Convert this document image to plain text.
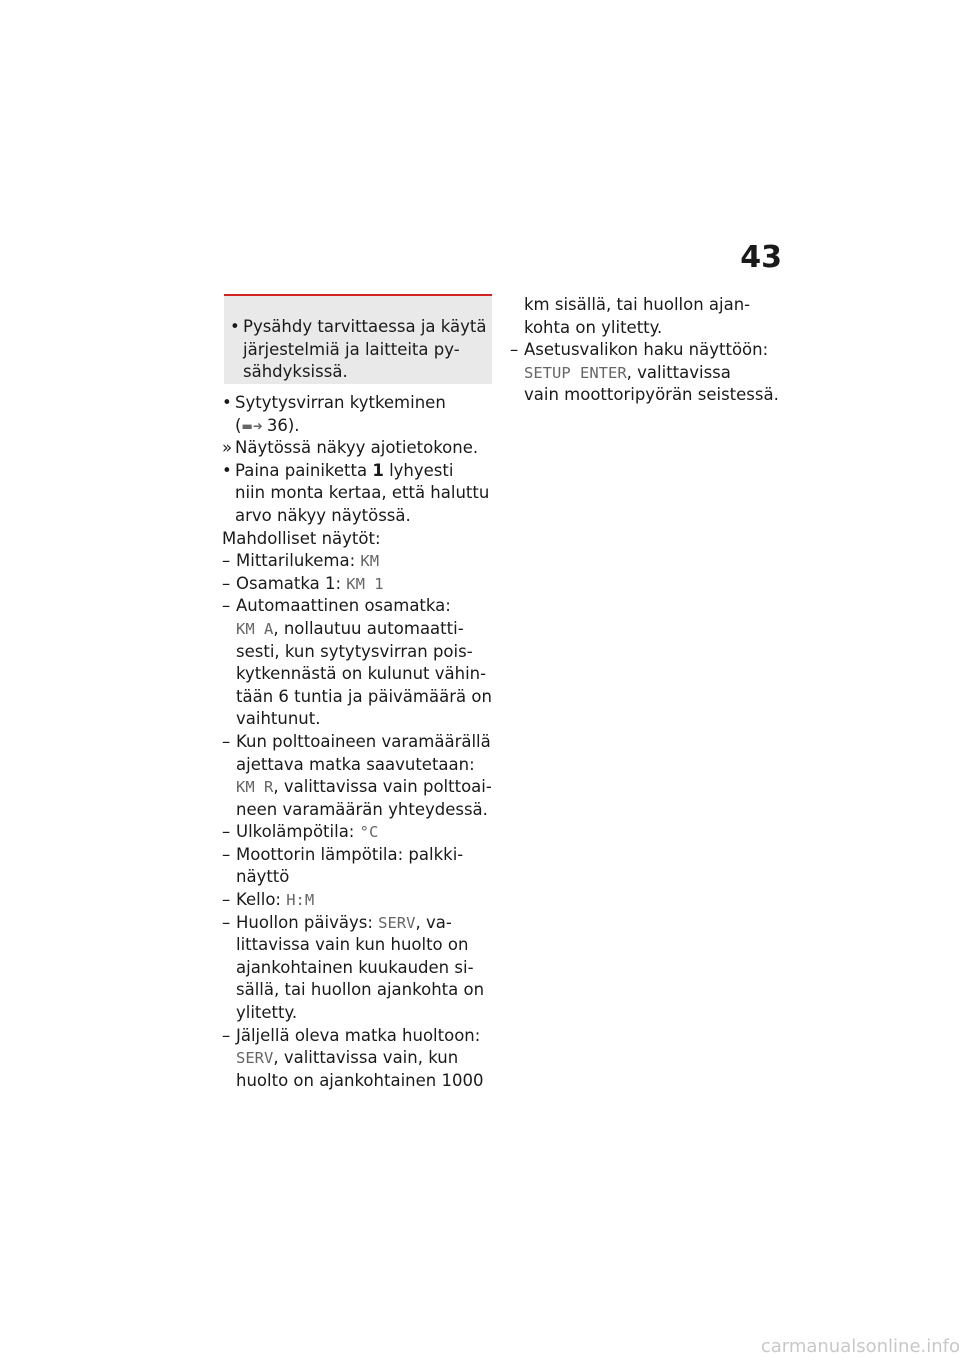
43
• Pysähdy tarvittaessa ja käytä
järjestelmiä ja laitteita py-
sähdyksissä.
• Sytytysvirran kytkeminen
(▬➜ 36).
» Näytössä näkyy ajotietokone.
• Paina painiketta 1 lyhyesti
niin monta kertaa, että haluttu
arvo näkyy näytössä.
Mahdolliset näytöt:
– Mittarilukema: KM
– Osamatka 1: KM 1
– Automaattinen osamatka:
KM A, nollautuu automaatti-
sesti, kun sytytysvirran pois-
kytkennästä on kulunut vähin-
tään 6 tuntia ja päivämäärä on
vaihtunut.
– Kun polttoaineen varamäärällä
ajettava matka saavutetaan:
KM R, valittavissa vain polttoai-
neen varamäärän yhteydessä.
– Ulkolämpötila: °C
– Moottorin lämpötila: palkki-
näyttö
– Kello: H:M
– Huollon päiväys: SERV, va-
littavissa vain kun huolto on
ajankohtainen kuukauden si-
sällä, tai huollon ajankohta on
ylitetty.
– Jäljellä oleva matka huoltoon:
SERV, valittavissa vain, kun
huolto on ajankohtainen 1000
km sisällä, tai huollon ajan-
kohta on ylitetty.
– Asetusvalikon haku näyttöön:
SETUP ENTER, valittavissa
vain moottoripyörän seistessä.
carmanualsonline.info
